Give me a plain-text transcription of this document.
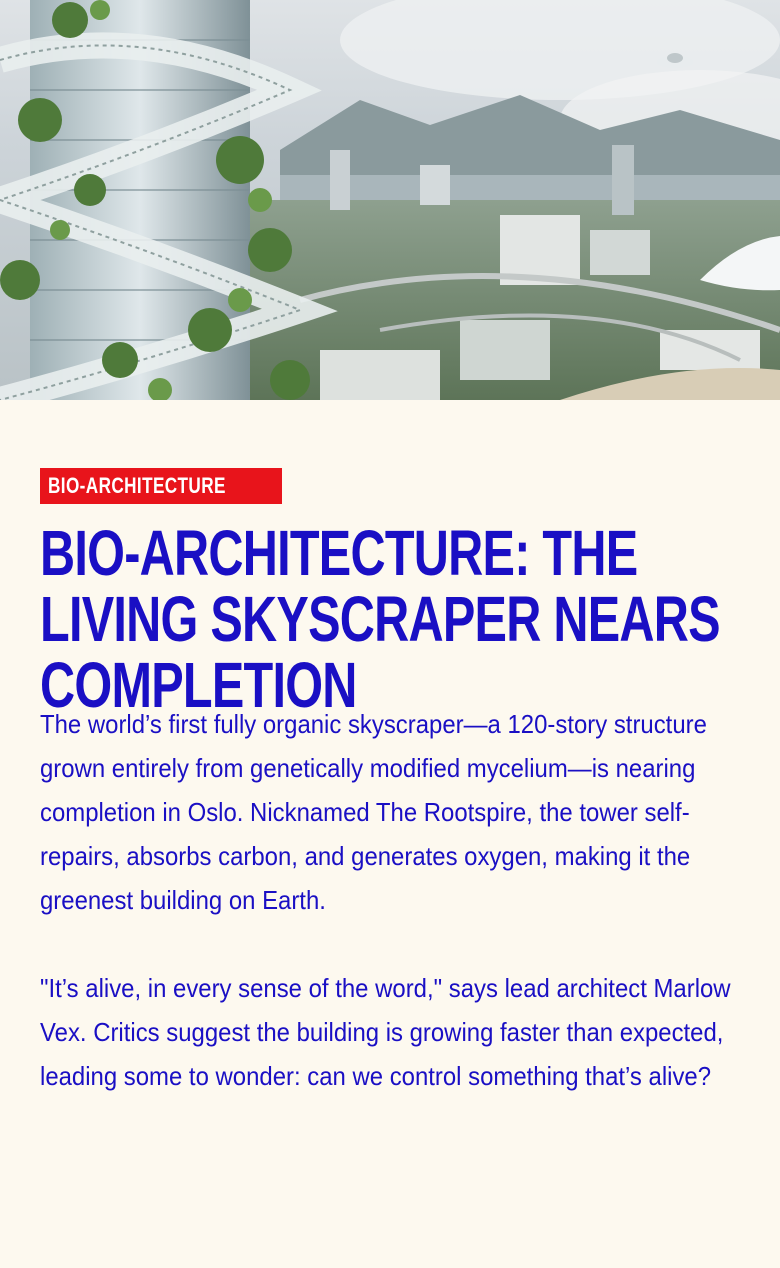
BIO-ARCHITECTURE
BIO-ARCHITECTURE: THE LIVING SKYSCRAPER NEARS COMPLETION

The world’s first fully organic skyscraper—a 120-story structure grown entirely from genetically modified mycelium—is nearing completion in Oslo. Nicknamed The Rootspire, the tower self-repairs, absorbs carbon, and generates oxygen, making it the greenest building on Earth.

"It’s alive, in every sense of the word," says lead architect Marlow Vex. Critics suggest the building is growing faster than expected, leading some to wonder: can we control something that’s alive?
